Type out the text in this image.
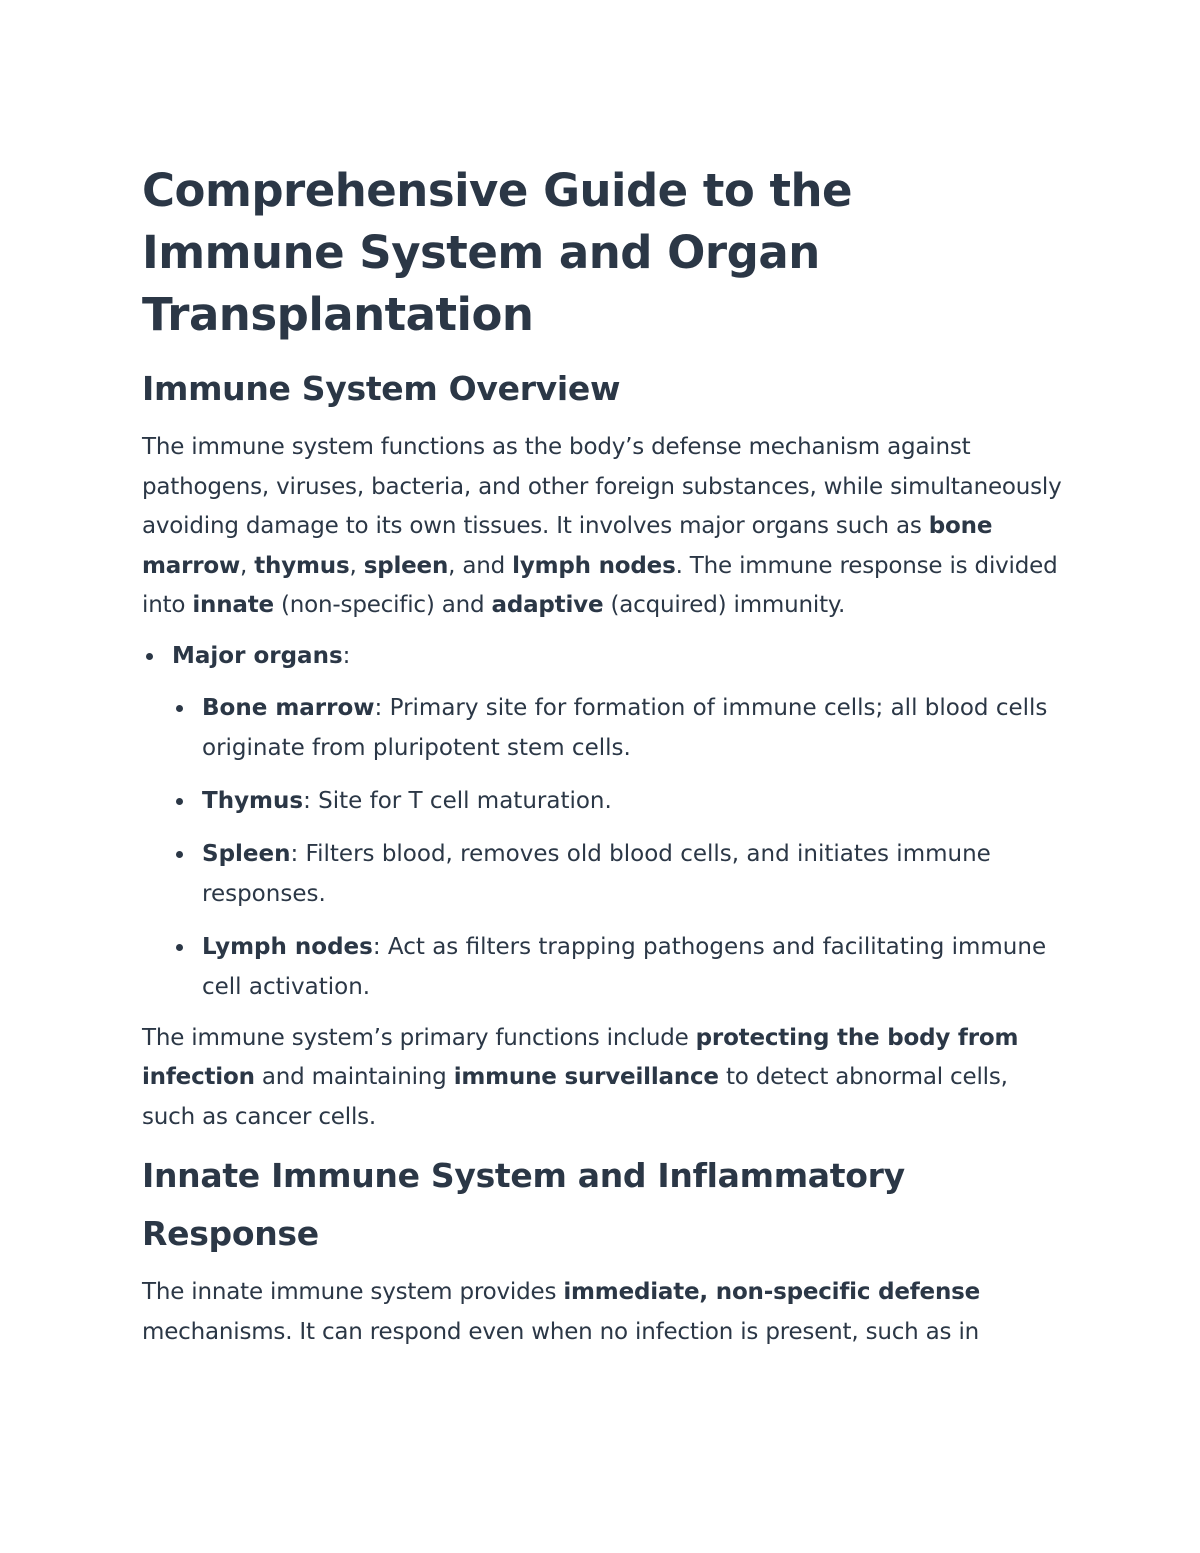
Comprehensive Guide to the Immune System and Organ Transplantation
Immune System Overview

The immune system functions as the body’s defense mechanism against pathogens, viruses, bacteria, and other foreign substances, while simultaneously avoiding damage to its own tissues. It involves major organs such as bone marrow, thymus, spleen, and lymph nodes. The immune response is divided into innate (non-specific) and adaptive (acquired) immunity.

Major organs:
Bone marrow: Primary site for formation of immune cells; all blood cells originate from pluripotent stem cells.
Thymus: Site for T cell maturation.
Spleen: Filters blood, removes old blood cells, and initiates immune responses.
Lymph nodes: Act as filters trapping pathogens and facilitating immune cell activation.

The immune system’s primary functions include protecting the body from infection and maintaining immune surveillance to detect abnormal cells, such as cancer cells.

Innate Immune System and Inflammatory Response

The innate immune system provides immediate, non-specific defense mechanisms. It can respond even when no infection is present, such as in
